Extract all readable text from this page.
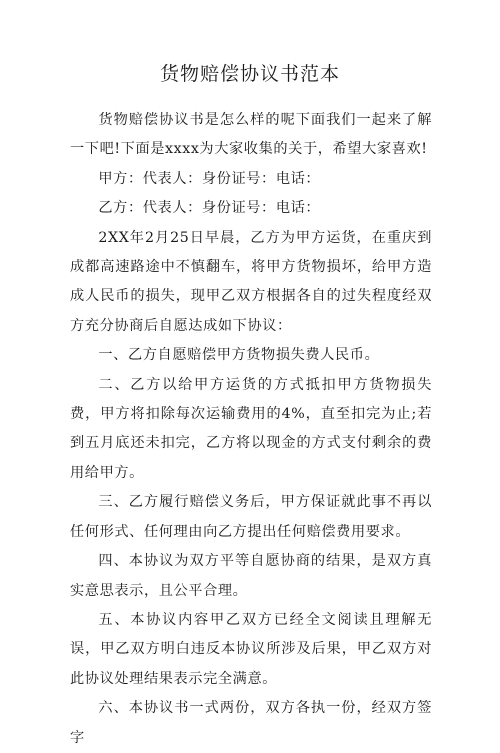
货物赔偿协议书范本

货物赔偿协议书是怎么样的呢下面我们一起来了解一下吧!下面是xxxx为大家收集的关于，希望大家喜欢!

甲方：代表人：身份证号：电话：

乙方：代表人：身份证号：电话：

2XX年2月25日早晨，乙方为甲方运货，在重庆到成都高速路途中不慎翻车，将甲方货物损坏，给甲方造成人民币的损失，现甲乙双方根据各自的过失程度经双方充分协商后自愿达成如下协议：

一、乙方自愿赔偿甲方货物损失费人民币。

二、乙方以给甲方运货的方式抵扣甲方货物损失费，甲方将扣除每次运输费用的4%，直至扣完为止;若到五月底还未扣完，乙方将以现金的方式支付剩余的费用给甲方。

三、乙方履行赔偿义务后，甲方保证就此事不再以任何形式、任何理由向乙方提出任何赔偿费用要求。

四、本协议为双方平等自愿协商的结果，是双方真实意思表示，且公平合理。

五、本协议内容甲乙双方已经全文阅读且理解无误，甲乙双方明白违反本协议所涉及后果，甲乙双方对此协议处理结果表示完全满意。

六、本协议书一式两份，双方各执一份，经双方签字
